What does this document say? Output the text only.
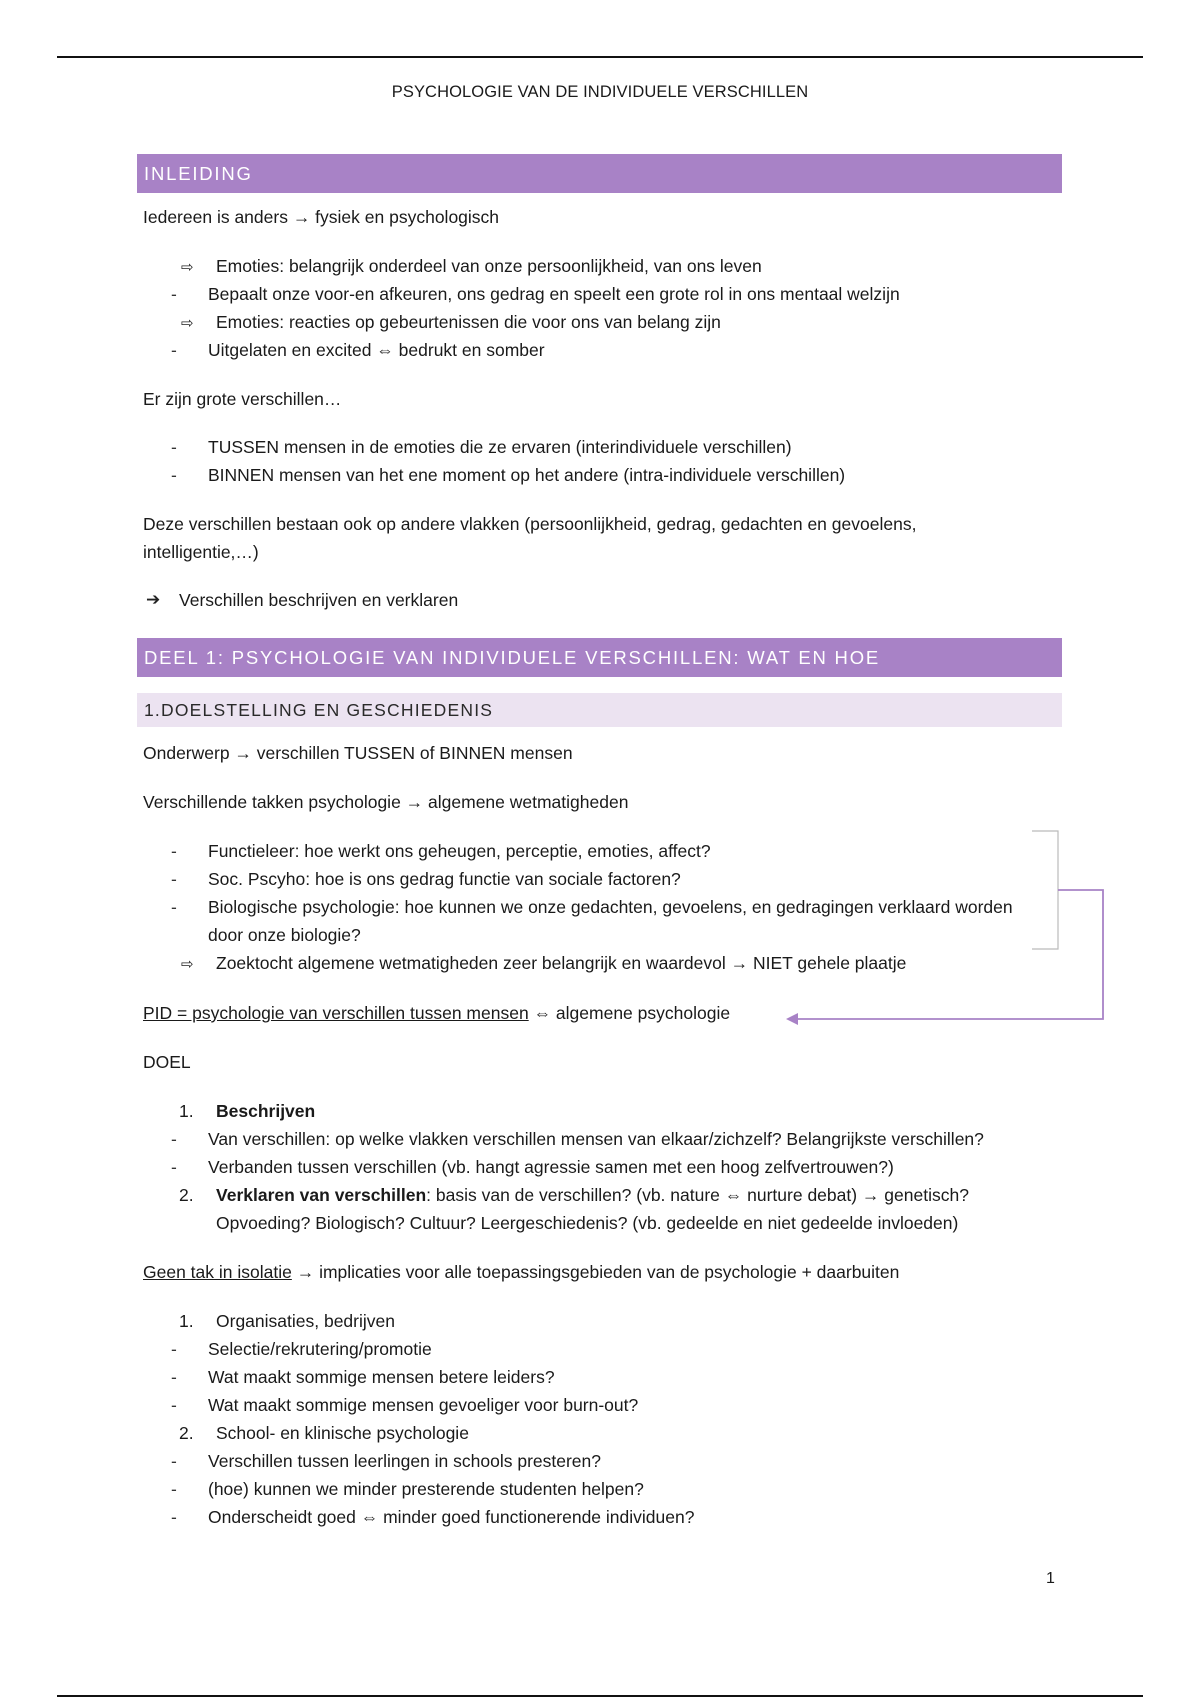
PSYCHOLOGIE VAN DE INDIVIDUELE VERSCHILLEN
INLEIDING
Iedereen is anders → fysiek en psychologisch
⇨ Emoties: belangrijk onderdeel van onze persoonlijkheid, van ons leven
- Bepaalt onze voor-en afkeuren, ons gedrag en speelt een grote rol in ons mentaal welzijn
⇨ Emoties: reacties op gebeurtenissen die voor ons van belang zijn
- Uitgelaten en excited ⇔ bedrukt en somber
Er zijn grote verschillen…
- TUSSEN mensen in de emoties die ze ervaren (interindividuele verschillen)
- BINNEN mensen van het ene moment op het andere (intra-individuele verschillen)
Deze verschillen bestaan ook op andere vlakken (persoonlijkheid, gedrag, gedachten en gevoelens,
intelligentie,…)
➔ Verschillen beschrijven en verklaren
DEEL 1: PSYCHOLOGIE VAN INDIVIDUELE VERSCHILLEN: WAT EN HOE
1.DOELSTELLING EN GESCHIEDENIS
Onderwerp → verschillen TUSSEN of BINNEN mensen
Verschillende takken psychologie → algemene wetmatigheden
- Functieleer: hoe werkt ons geheugen, perceptie, emoties, affect?
- Soc. Pscyho: hoe is ons gedrag functie van sociale factoren?
- Biologische psychologie: hoe kunnen we onze gedachten, gevoelens, en gedragingen verklaard worden
door onze biologie?
⇨ Zoektocht algemene wetmatigheden zeer belangrijk en waardevol → NIET gehele plaatje
PID = psychologie van verschillen tussen mensen ⇔ algemene psychologie
DOEL
1. Beschrijven
- Van verschillen: op welke vlakken verschillen mensen van elkaar/zichzelf? Belangrijkste verschillen?
- Verbanden tussen verschillen (vb. hangt agressie samen met een hoog zelfvertrouwen?)
2. Verklaren van verschillen: basis van de verschillen? (vb. nature ⇔ nurture debat) → genetisch?
Opvoeding? Biologisch? Cultuur? Leergeschiedenis? (vb. gedeelde en niet gedeelde invloeden)
Geen tak in isolatie → implicaties voor alle toepassingsgebieden van de psychologie + daarbuiten
1. Organisaties, bedrijven
- Selectie/rekrutering/promotie
- Wat maakt sommige mensen betere leiders?
- Wat maakt sommige mensen gevoeliger voor burn-out?
2. School- en klinische psychologie
- Verschillen tussen leerlingen in schools presteren?
- (hoe) kunnen we minder presterende studenten helpen?
- Onderscheidt goed ⇔ minder goed functionerende individuen?
1
